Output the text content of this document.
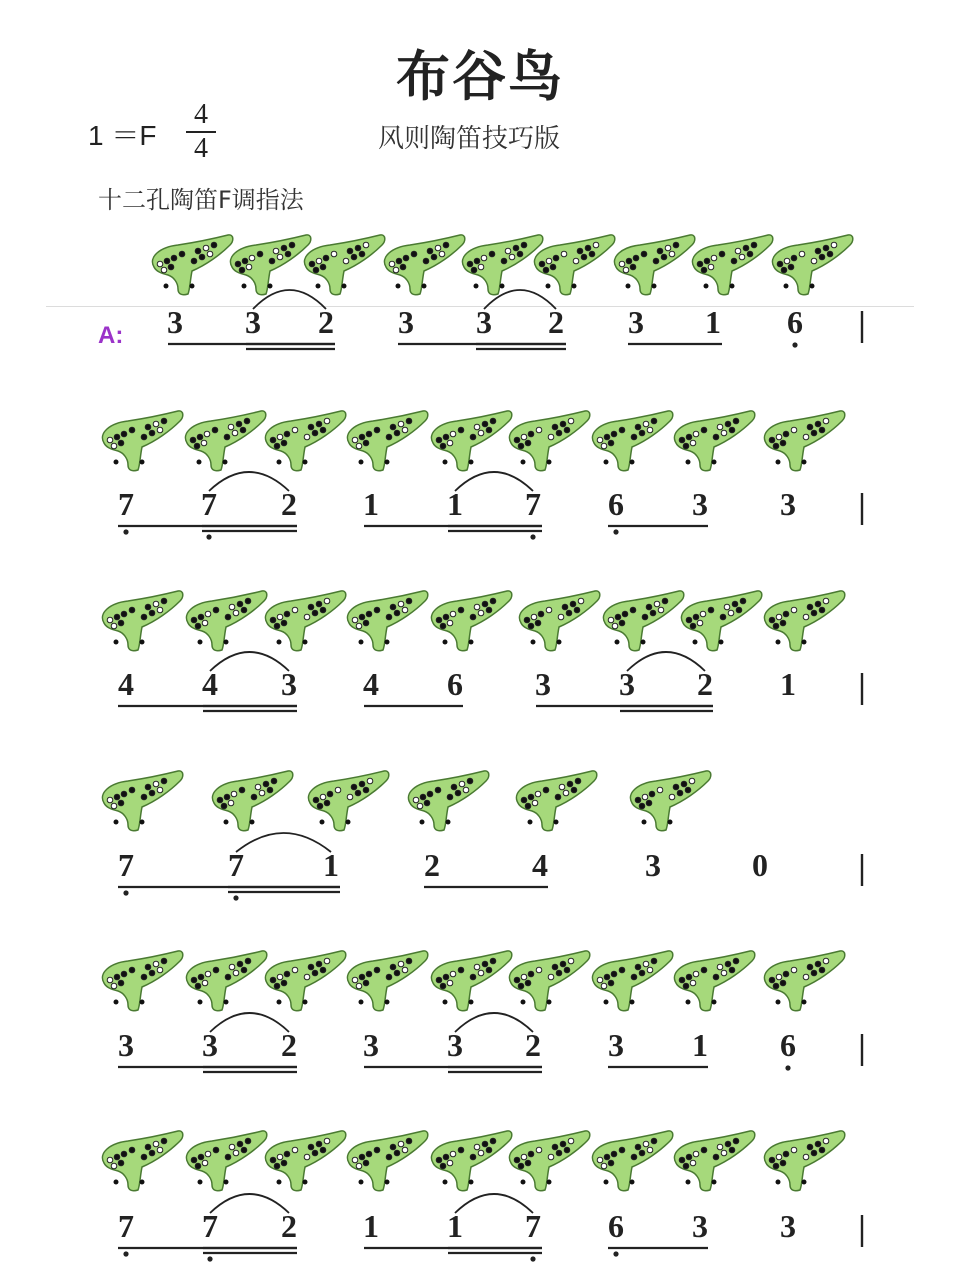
布谷鸟
1 ＝F
4
4	风则陶笛技巧版
十二孔陶笛F调指法
A: 3 3 2 3 3 2 3 1 6
7 7 2 1 1 7 6 3 3
4 4 3 4 6 3 3 2 1
7	7 1	2	4	3	0
3 3 2 3 3 2 3 1 6
7 7 2 1 1 7 6 3 3
